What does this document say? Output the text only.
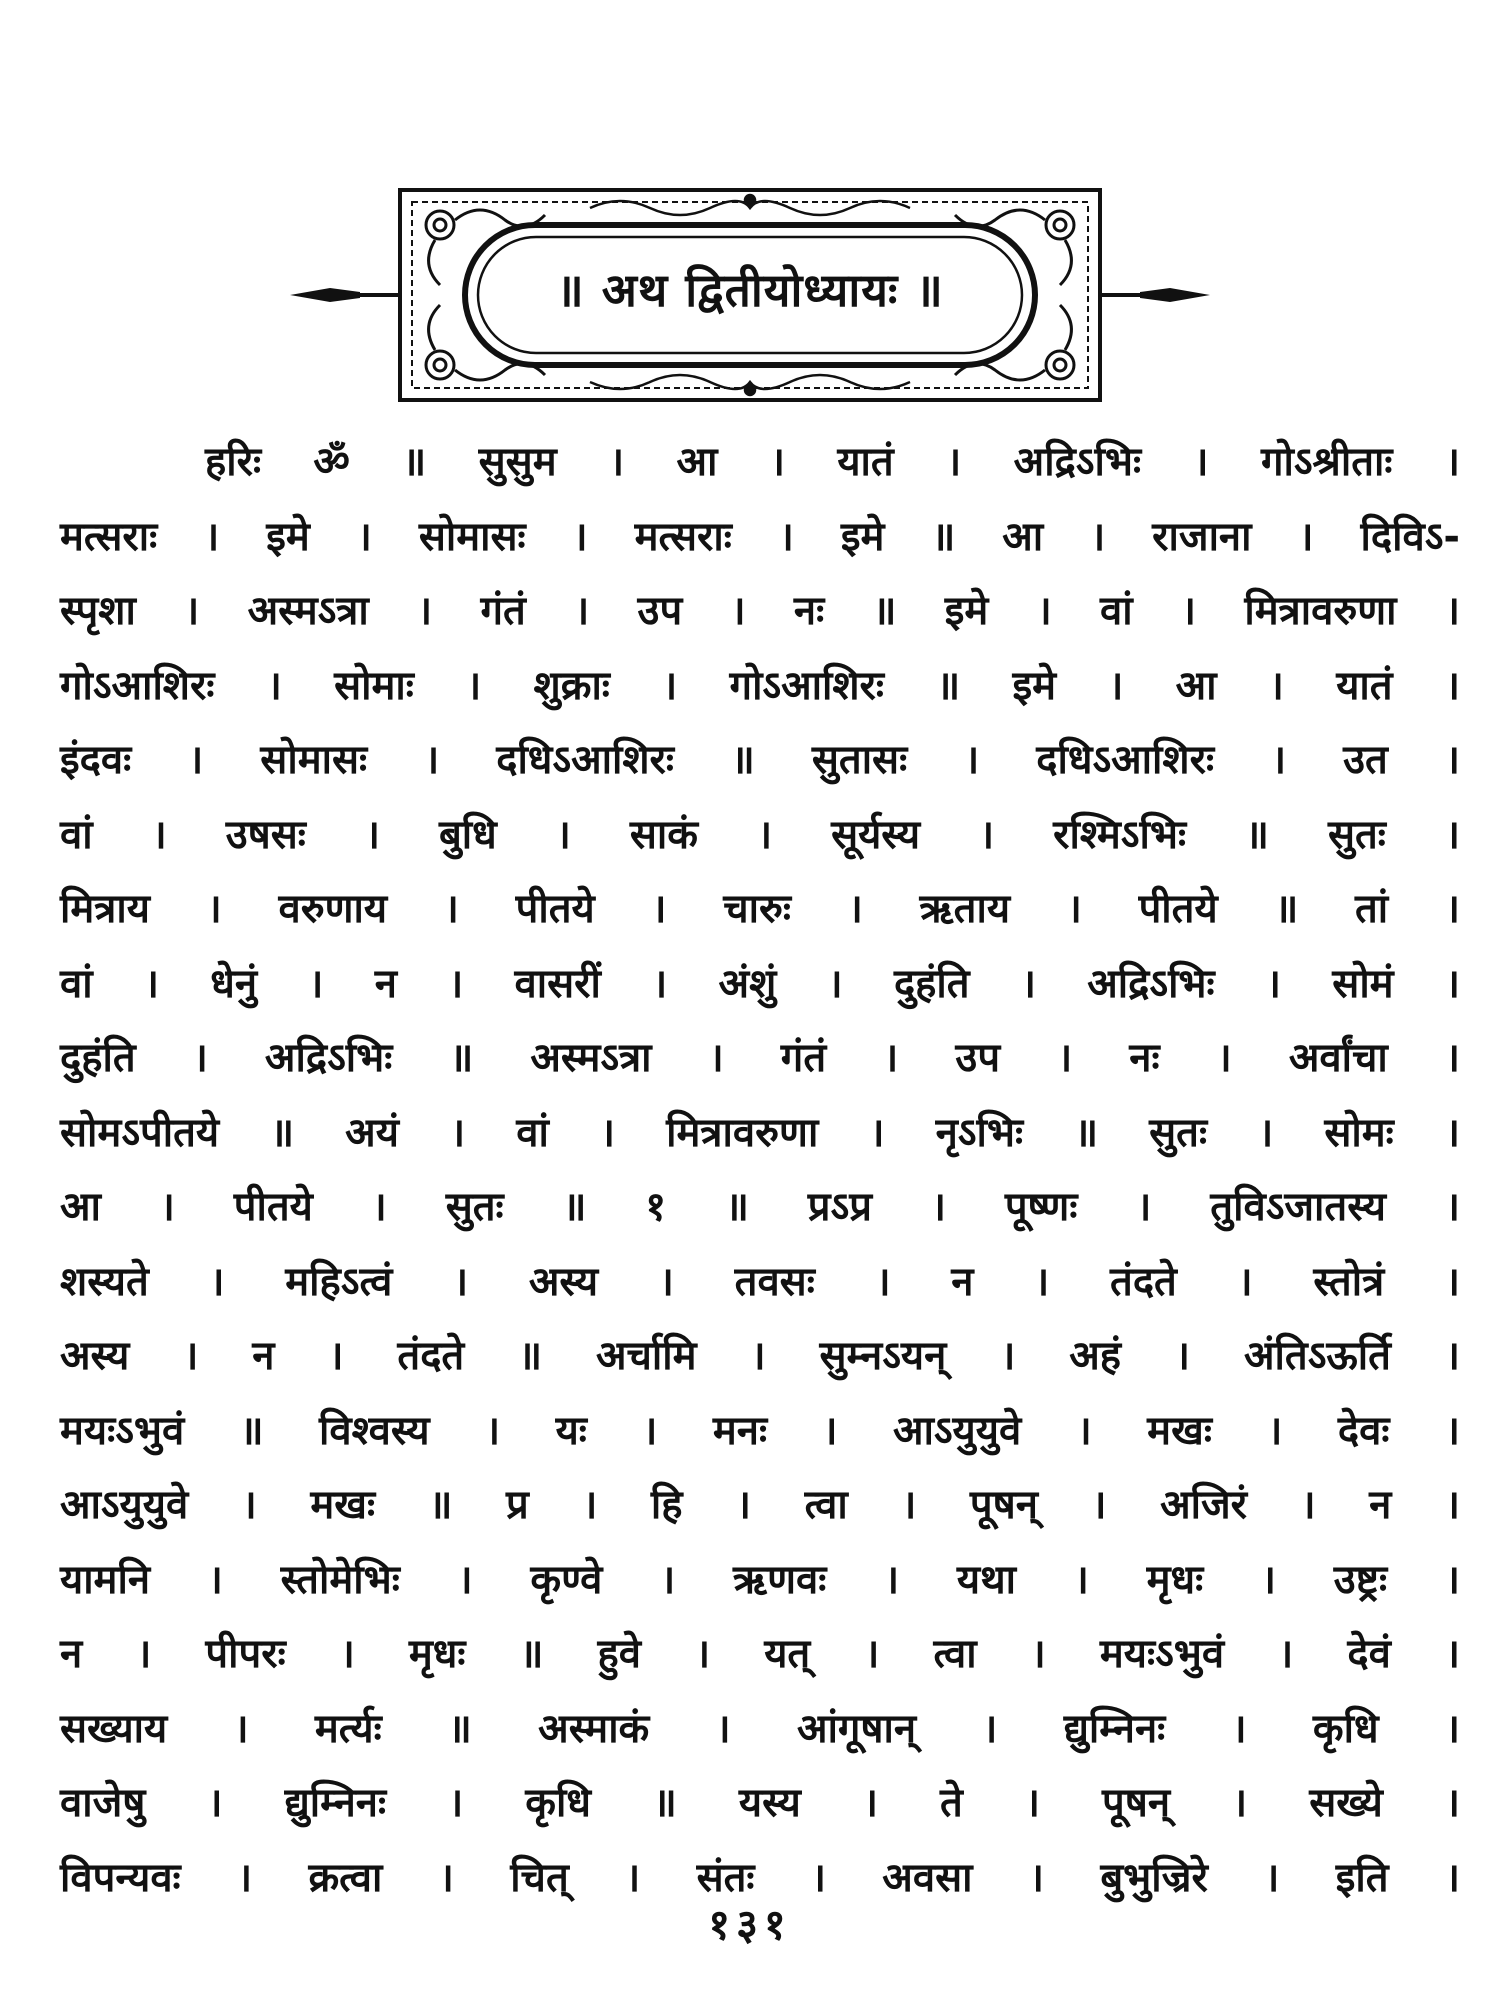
॥ अथ द्वितीयोध्यायः ॥
हरिः ॐ ॥ सुसुम । आ । यातं । अद्रिऽभिः । गोऽश्रीताः ।
मत्सराः । इमे । सोमासः । मत्सराः । इमे ॥ आ । राजाना । दिविऽ-
स्पृशा । अस्मऽत्रा । गंतं । उप । नः ॥ इमे । वां । मित्रावरुणा ।
गोऽआशिरः । सोमाः । शुक्राः । गोऽआशिरः ॥ इमे । आ । यातं ।
इंदवः । सोमासः । दधिऽआशिरः ॥ सुतासः । दधिऽआशिरः । उत ।
वां । उषसः । बुधि । साकं । सूर्यस्य । रश्मिऽभिः ॥ सुतः ।
मित्राय । वरुणाय । पीतये । चारुः । ऋताय । पीतये ॥ तां ।
वां । धेनुं । न । वासरीं । अंशुं । दुहंति । अद्रिऽभिः । सोमं ।
दुहंति । अद्रिऽभिः ॥ अस्मऽत्रा । गंतं । उप । नः । अर्वांचा ।
सोमऽपीतये ॥ अयं । वां । मित्रावरुणा । नृऽभिः ॥ सुतः । सोमः ।
आ । पीतये । सुतः ॥ १ ॥ प्रऽप्र । पूष्णः । तुविऽजातस्य ।
शस्यते । महिऽत्वं । अस्य । तवसः । न । तंदते । स्तोत्रं ।
अस्य । न । तंदते ॥ अर्चामि । सुम्नऽयन् । अहं । अंतिऽऊर्ति ।
मयःऽभुवं ॥ विश्वस्य । यः । मनः । आऽयुयुवे । मखः । देवः ।
आऽयुयुवे । मखः ॥ प्र । हि । त्वा । पूषन् । अजिरं । न ।
यामनि । स्तोमेभिः । कृण्वे । ऋणवः । यथा । मृधः । उष्ट्रः ।
न । पीपरः । मृधः ॥ हुवे । यत् । त्वा । मयःऽभुवं । देवं ।
सख्याय । मर्त्यः ॥ अस्माकं । आंगूषान् । द्युम्निनः । कृधि ।
वाजेषु । द्युम्निनः । कृधि ॥ यस्य । ते । पूषन् । सख्ये ।
विपन्यवः । क्रत्वा । चित् । संतः । अवसा । बुभुज्रिरे । इति ।
१३१
